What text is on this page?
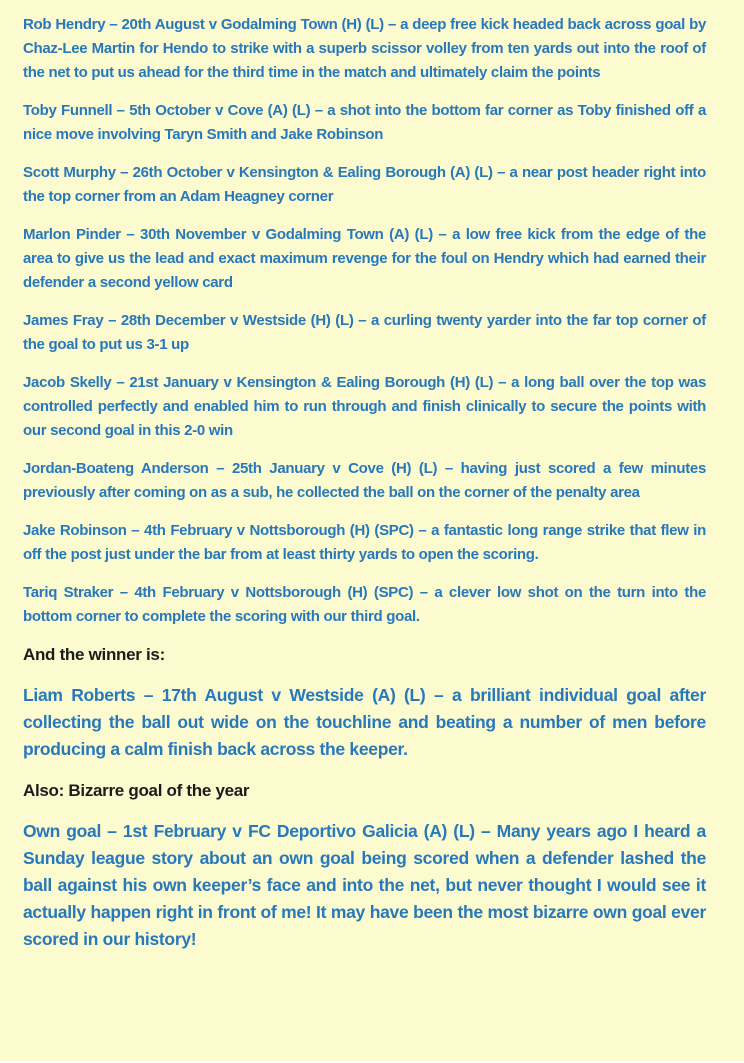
Rob Hendry – 20th August v Godalming Town (H) (L) – a deep free kick headed back across goal by Chaz-Lee Martin for Hendo to strike with a superb scissor volley from ten yards out into the roof of the net to put us ahead for the third time in the match and ultimately claim the points

Toby Funnell – 5th October v Cove (A) (L) – a shot into the bottom far corner as Toby finished off a nice move involving Taryn Smith and Jake Robinson

Scott Murphy – 26th October v Kensington & Ealing Borough (A) (L) – a near post header right into the top corner from an Adam Heagney corner

Marlon Pinder – 30th November v Godalming Town (A) (L) – a low free kick from the edge of the area to give us the lead and exact maximum revenge for the foul on Hendry which had earned their defender a second yellow card

James Fray – 28th December v Westside (H) (L) – a curling twenty yarder into the far top corner of the goal to put us 3-1 up

Jacob Skelly – 21st January v Kensington & Ealing Borough (H) (L) – a long ball over the top was controlled perfectly and enabled him to run through and finish clinically to secure the points with our second goal in this 2-0 win

Jordan-Boateng Anderson – 25th January v Cove (H) (L) – having just scored a few minutes previously after coming on as a sub, he collected the ball on the corner of the penalty area

Jake Robinson – 4th February v Nottsborough (H) (SPC) – a fantastic long range strike that flew in off the post just under the bar from at least thirty yards to open the scoring.

Tariq Straker – 4th February v Nottsborough (H) (SPC) – a clever low shot on the turn into the bottom corner to complete the scoring with our third goal.

And the winner is:

Liam Roberts – 17th August v Westside (A) (L) – a brilliant individual goal after collecting the ball out wide on the touchline and beating a number of men before producing a calm finish back across the keeper.

Also: Bizarre goal of the year

Own goal – 1st February v FC Deportivo Galicia (A) (L) – Many years ago I heard a Sunday league story about an own goal being scored when a defender lashed the ball against his own keeper’s face and into the net, but never thought I would see it actually happen right in front of me! It may have been the most bizarre own goal ever scored in our history!
